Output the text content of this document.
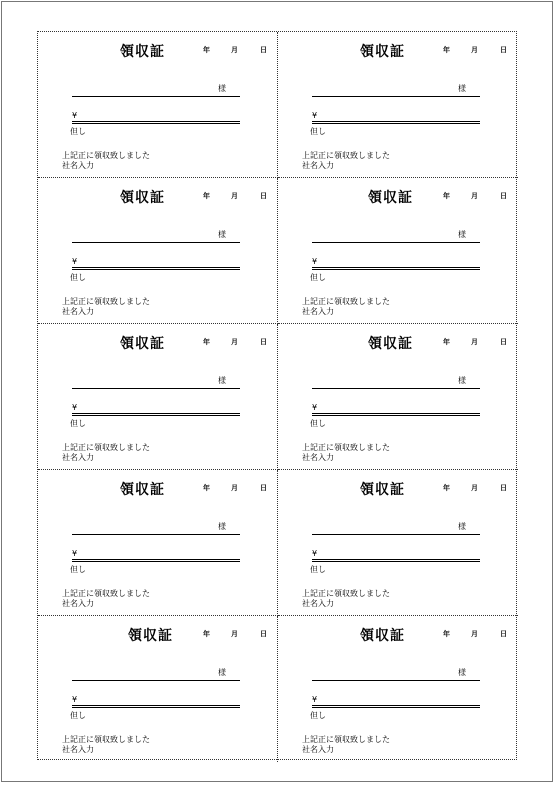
領収証	年	月	日
様
¥
但し
上記正に領収致しました
社名入力
領収証	年	月	日
様
¥
但し
上記正に領収致しました
社名入力
領収証	年	月	日
様
¥
但し
上記正に領収致しました
社名入力
領収証	年	月	日
様
¥
但し
上記正に領収致しました
社名入力
領収証	年	月	日
様
¥
但し
上記正に領収致しました
社名入力
領収証	年	月	日
様
¥
但し
上記正に領収致しました
社名入力
領収証	年	月	日
様
¥
但し
上記正に領収致しました
社名入力
領収証	年	月	日
様
¥
但し
上記正に領収致しました
社名入力
領収証	年	月	日
様
¥
但し
上記正に領収致しました
社名入力
領収証	年	月	日
様
¥
但し
上記正に領収致しました
社名入力
